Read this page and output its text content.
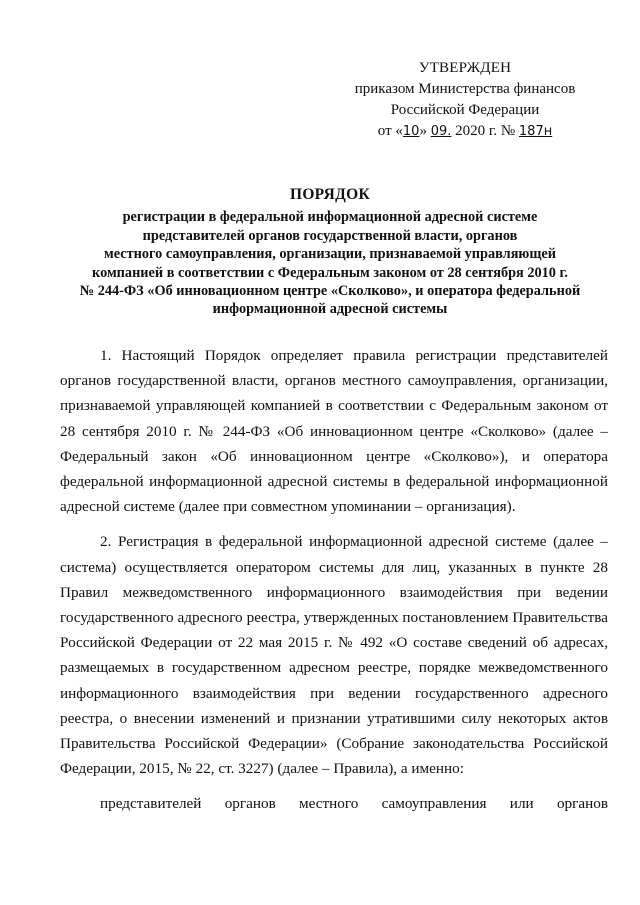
УТВЕРЖДЕН
приказом Министерства финансов
Российской Федерации
от «10» 09. 2020 г. № 187н
ПОРЯДОК
регистрации в федеральной информационной адресной системе
представителей органов государственной власти, органов
местного самоуправления, организации, признаваемой управляющей
компанией в соответствии с Федеральным законом от 28 сентября 2010 г.
№ 244-ФЗ «Об инновационном центре «Сколково», и оператора федеральной
информационной адресной системы

1. Настоящий Порядок определяет правила регистрации представителей органов государственной власти, органов местного самоуправления, организации, признаваемой управляющей компанией в соответствии с Федеральным законом от 28 сентября 2010 г. № 244-ФЗ «Об инновационном центре «Сколково» (далее – Федеральный закон «Об инновационном центре «Сколково»), и оператора федеральной информационной адресной системы в федеральной информационной адресной системе (далее при совместном упоминании – организация).

2. Регистрация в федеральной информационной адресной системе (далее – система) осуществляется оператором системы для лиц, указанных в пункте 28 Правил межведомственного информационного взаимодействия при ведении государственного адресного реестра, утвержденных постановлением Правительства Российской Федерации от 22 мая 2015 г. № 492 «О составе сведений об адресах, размещаемых в государственном адресном реестре, порядке межведомственного информационного взаимодействия при ведении государственного адресного реестра, о внесении изменений и признании утратившими силу некоторых актов Правительства Российской Федерации» (Собрание законодательства Российской Федерации, 2015, № 22, ст. 3227) (далее – Правила), а именно:

представителей органов местного самоуправления или органов
